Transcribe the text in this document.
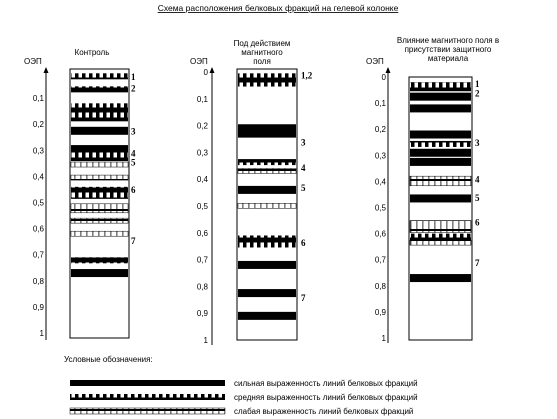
Схема расположения белковых фракций на гелевой колонке
Контроль
ОЭП
0,1
0,2
0,3
0,4
0,5
0,6
0,7
0,8
0,9
1
1
2
3
4
5
6
7
Под действием
магнитного
поля
ОЭП
0
0,1
0,2
0,3
0,4
0,5
0,6
0,7
0,8
0,9
1
1,2
3
4
5
6
7
Влияние магнитного поля в
присутствии защитного
материала
ОЭП
0
0,1
0,2
0,3
0,4
0,5
0,6
0,7
0,8
0,9
1
1
2
3
4
5
6
7
Условные обозначения:
сильная выраженность линий белковых фракций
средняя выраженность линий белковых фракций
слабая выраженность линий белковых фракций
